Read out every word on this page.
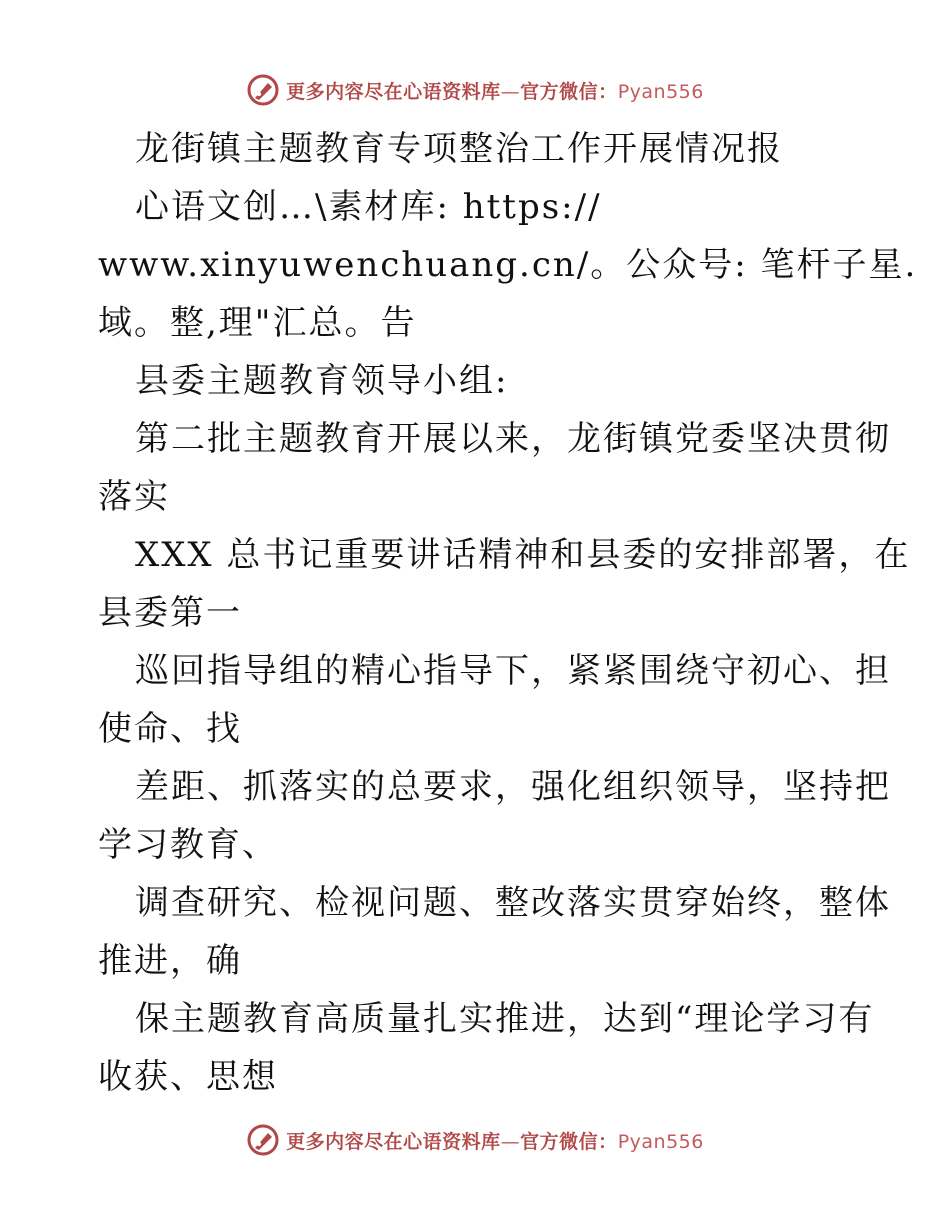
更多内容尽在心语资料库—官方微信：Pyan556
龙街镇主题教育专项整治工作开展情况报
心语文创…\素材库: https://
www.xinyuwenchuang.cn/。公众号: 笔杆子星.
域。整,理"汇总。告
县委主题教育领导小组:
第二批主题教育开展以来，龙街镇党委坚决贯彻
落实
XXX 总书记重要讲话精神和县委的安排部署，在
县委第一
巡回指导组的精心指导下，紧紧围绕守初心、担
使命、找
差距、抓落实的总要求，强化组织领导，坚持把
学习教育、
调查研究、检视问题、整改落实贯穿始终，整体
推进，确
保主题教育高质量扎实推进，达到“理论学习有
收获、思想
更多内容尽在心语资料库—官方微信：Pyan556
